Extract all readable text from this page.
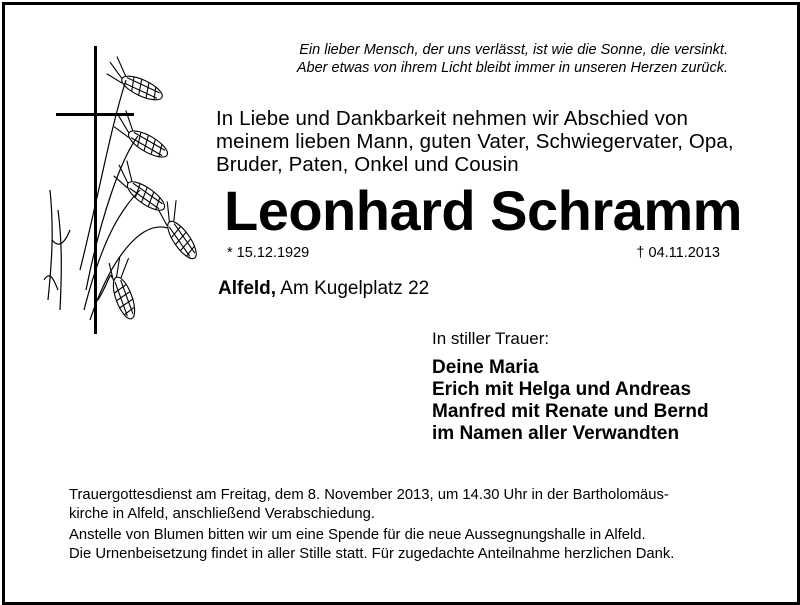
Ein lieber Mensch, der uns verlässt, ist wie die Sonne, die versinkt.
Aber etwas von ihrem Licht bleibt immer in unseren Herzen zurück.
In Liebe und Dankbarkeit nehmen wir Abschied von
meinem lieben Mann, guten Vater, Schwiegervater, Opa,
Bruder, Paten, Onkel und Cousin
Leonhard Schramm
* 15.12.1929	† 04.11.2013
Alfeld, Am Kugelplatz 22
In stiller Trauer:
Deine Maria
Erich mit Helga und Andreas
Manfred mit Renate und Bernd
im Namen aller Verwandten
Trauergottesdienst am Freitag, dem 8. November 2013, um 14.30 Uhr in der Bartholomäus-
kirche in Alfeld, anschließend Verabschiedung.
Anstelle von Blumen bitten wir um eine Spende für die neue Aussegnungshalle in Alfeld.
Die Urnenbeisetzung findet in aller Stille statt. Für zugedachte Anteilnahme herzlichen Dank.
